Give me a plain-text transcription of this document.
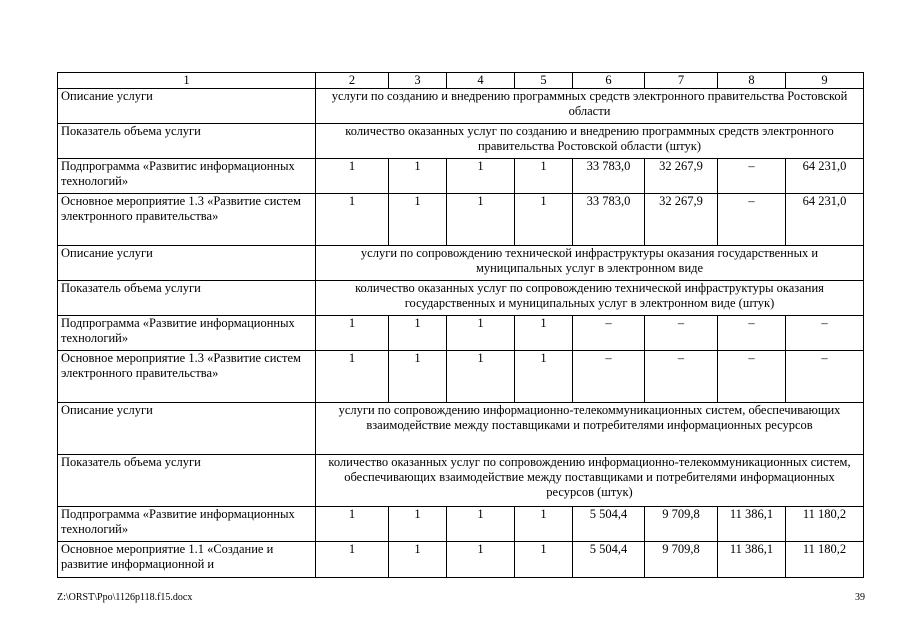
1	2	3	4	5	6	7	8	9
Описание услуги	услуги по созданию и внедрению программных средств электронного правительства Ростовской области							
Показатель объема услуги	количество оказанных услуг по созданию и внедрению программных средств электронного правительства Ростовской области (штук)							
Подпрограмма «Развитис информационных технологий»	1	1	1	1	33 783,0	32 267,9	–	64 231,0
Основное мероприятие 1.3 «Развитие систем электронного правительства»	1	1	1	1	33 783,0	32 267,9	–	64 231,0
Описание услуги	услуги по сопровождению технической инфраструктуры оказания государственных и муниципальных услуг в электронном виде							
Показатель объема услуги	количество оказанных услуг по сопровождению технической инфраструктуры оказания государственных и муниципальных услуг в электронном виде (штук)							
Подпрограмма «Развитие информационных технологий»	1	1	1	1	–	–	–	–
Основное мероприятие 1.3 «Развитие систем электронного правительства»	1	1	1	1	–	–	–	–
Описание услуги	услуги по сопровождению информационно-телекоммуникационных систем, обеспечивающих взаимодействие между поставщиками и потребителями информационных ресурсов							
Показатель объема услуги	количество оказанных услуг по сопровождению информационно-телекоммуникационных систем, обеспечивающих взаимодействие между поставщиками и потребителями информационных ресурсов (штук)							
Подпрограмма «Развитие информационных технологий»	1	1	1	1	5 504,4	9 709,8	11 386,1	11 180,2
Основное мероприятие 1.1 «Создание и развитие информационной и	1	1	1	1	5 504,4	9 709,8	11 386,1	11 180,2
Z:\ORST\Ppo\1126p118.f15.docx	39
